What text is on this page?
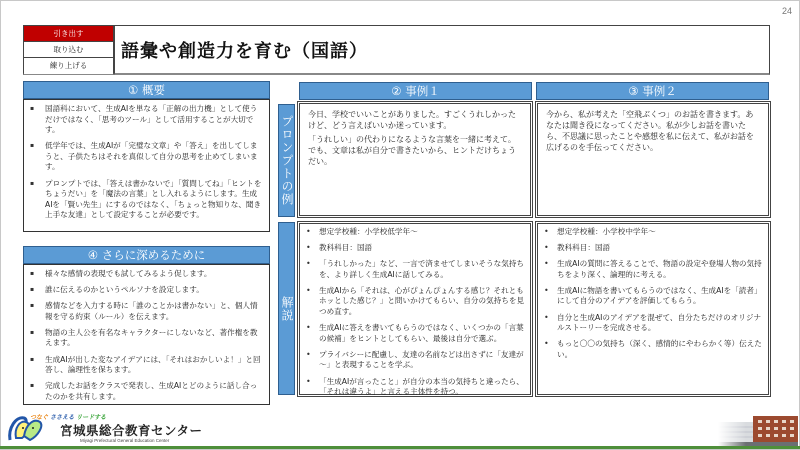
24
引き出す
取り込む
練り上げる
語彙や創造力を育む（国語）
① 概要
▪ 国語科において、生成AIを単なる「正解の出力機」として使うだけではなく、「思考のツール」として活用することが大切です。
▪ 低学年では、生成AIが「完璧な文章」や「答え」を出してしまうと、子供たちはそれを真似して自分の思考を止めてしまいます。
▪ プロンプトでは、「答えは書かないで」「質問してね」「ヒントをちょうだい」を「魔法の言葉」とし入れるようにします。生成AIを「賢い先生」にするのではなく、「ちょっと物知りな、聞き上手な友達」として設定することが必要です。
④ さらに深めるために
▪ 様々な感情の表現でも試してみるよう促します。
▪ 誰に伝えるのかというペルソナを設定します。
▪ 感情などを入力する時に「誰のことかは書かない」と、個人情報を守る約束（ルール）を伝えます。
▪ 物語の主人公を有名なキャラクターにしないなど、著作権を教えます。
▪ 生成AIが出した変なアイデアには、「それはおかしいよ！」と回答し、論理性を保ちます。
▪ 完成したお話をクラスで発表し、生成AIとどのように話し合ったのかを共有します。
プロンプトの例
解説
② 事例１

今日、学校でいいことがありました。すごくうれしかったけど、どう言えばいいか迷っています。

「うれしい」の代わりになるような言葉を一緒に考えて。でも、文章は私が自分で書きたいから、ヒントだけちょうだい。

• 想定学校種：小学校低学年～
• 教科科目：国語
• 「うれしかった」など、一言で済ませてしまいそうな気持ちを、より詳しく生成AIに話してみる。
• 生成AIから「それは、心がぴょんぴょんする感じ？それともホッとした感じ？」と問いかけてもらい、自分の気持ちを見つめ直す。
• 生成AIに答えを書いてもらうのではなく、いくつかの「言葉の候補」をヒントとしてもらい、最後は自分で選ぶ。
• プライバシーに配慮し、友達の名前などは出さずに「友達が～」と表現することを学ぶ。
• 「生成AIが言ったこと」が自分の本当の気持ちと違ったら、「それは違うよ」と言える主体性を持つ。
③ 事例２

今から、私が考えた「空飛ぶくつ」のお話を書きます。あなたは聞き役になってください。私が少しお話を書いたら、不思議に思ったことや感想を私に伝えて、私がお話を広げるのを手伝ってください。

• 想定学校種：小学校中学年～
• 教科科目：国語
• 生成AIの質問に答えることで、物語の設定や登場人物の気持ちをより深く、論理的に考える。
• 生成AIに物語を書いてもらうのではなく、生成AIを「読者」にして自分のアイデアを評価してもらう。
• 自分と生成AIのアイデアを混ぜて、自分たちだけのオリジナルストーリーを完成させる。
• もっと〇〇の気持ち（深く、感情的にやわらかく等）伝えたい。
つなぐ ささえる リードする
宮城県総合教育センター
Miyagi Prefectural General Education Center
